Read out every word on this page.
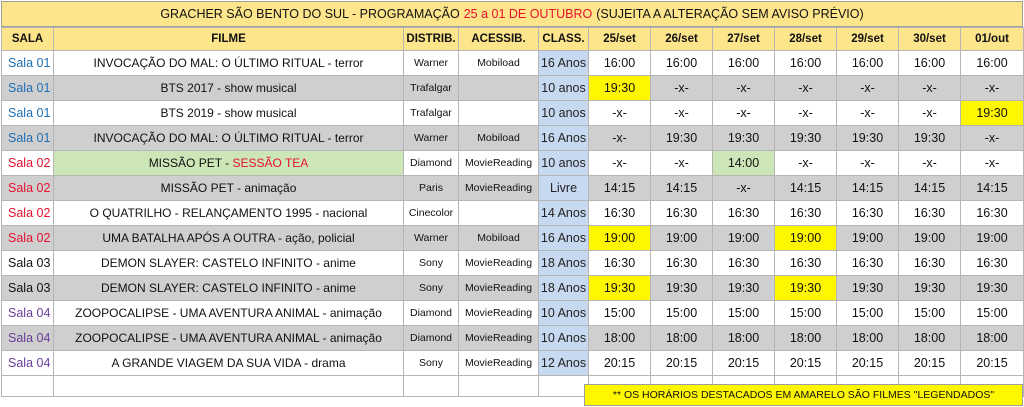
GRACHER SÃO BENTO DO SUL - PROGRAMAÇÃO 25 a 01 DE OUTUBRO (SUJEITA A ALTERAÇÃO SEM AVISO PRÉVIO)
SALA	FILME	DISTRIB.	ACESSIB.	CLASS.	25/set	26/set	27/set	28/set	29/set	30/set	01/out
Sala 01	INVOCAÇÃO DO MAL: O ÚLTIMO RITUAL - terror	Warner	Mobiload	16 Anos	16:00	16:00	16:00	16:00	16:00	16:00	16:00
Sala 01	BTS 2017 - show musical	Trafalgar		10 anos	19:30	-x-	-x-	-x-	-x-	-x-	-x-
Sala 01	BTS 2019 - show musical	Trafalgar		10 anos	-x-	-x-	-x-	-x-	-x-	-x-	19:30
Sala 01	INVOCAÇÃO DO MAL: O ÚLTIMO RITUAL - terror	Warner	Mobiload	16 Anos	-x-	19:30	19:30	19:30	19:30	19:30	-x-
Sala 02	MISSÃO PET - SESSÃO TEA	Diamond	MovieReading	10 anos	-x-	-x-	14:00	-x-	-x-	-x-	-x-
Sala 02	MISSÃO PET - animação	Paris	MovieReading	Livre	14:15	14:15	-x-	14:15	14:15	14:15	14:15
Sala 02	O QUATRILHO - RELANÇAMENTO 1995 - nacional	Cinecolor		14 Anos	16:30	16:30	16:30	16:30	16:30	16:30	16:30
Sala 02	UMA BATALHA APÓS A OUTRA - ação, policial	Warner	Mobiload	16 Anos	19:00	19:00	19:00	19:00	19:00	19:00	19:00
Sala 03	DEMON SLAYER: CASTELO INFINITO - anime	Sony	MovieReading	18 Anos	16:30	16:30	16:30	16:30	16:30	16:30	16:30
Sala 03	DEMON SLAYER: CASTELO INFINITO - anime	Sony	MovieReading	18 Anos	19:30	19:30	19:30	19:30	19:30	19:30	19:30
Sala 04	ZOOPOCALIPSE - UMA AVENTURA ANIMAL - animação	Diamond	MovieReading	10 Anos	15:00	15:00	15:00	15:00	15:00	15:00	15:00
Sala 04	ZOOPOCALIPSE - UMA AVENTURA ANIMAL - animação	Diamond	MovieReading	10 Anos	18:00	18:00	18:00	18:00	18:00	18:00	18:00
Sala 04	A GRANDE VIAGEM DA SUA VIDA - drama	Sony	MovieReading	12 Anos	20:15	20:15	20:15	20:15	20:15	20:15	20:15

** OS HORÁRIOS DESTACADOS EM AMARELO SÃO FILMES "LEGENDADOS"
